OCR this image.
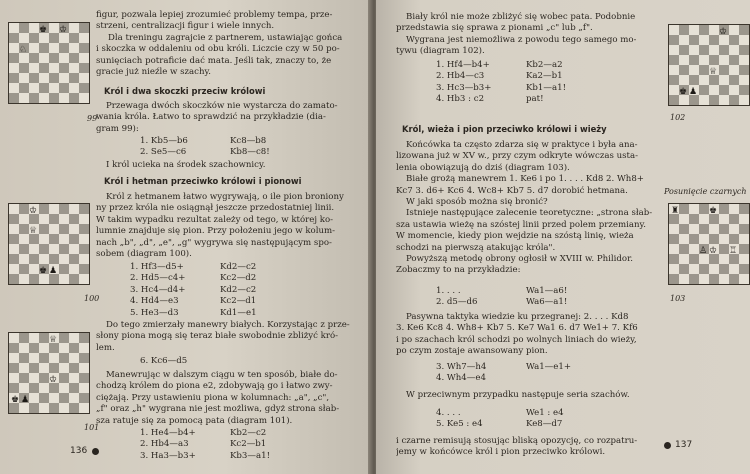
♚ ♔
♘
99

figur, pozwala lepiej zrozumieć problemy tempa, prze-

strzeni, centralizacji figur i wiele innych.

Dla treningu zagrajcie z partnerem, ustawiając gońca

i skoczka w oddaleniu od obu króli. Liczcie czy w 50 po-

sunięciach potraficie dać mata. Jeśli tak, znaczy to, że

gracie już nieźle w szachy.

Król i dwa skoczki przeciw królowi

Przewaga dwóch skoczków nie wystarcza do zamato-

wania króla. Łatwo to sprawdzić na przykładzie (dia-

gram 99):

1. Kb5—b6	Kc8—b8
2. Se5—c6	Kb8—c8!
I król ucieka na środek szachownicy.
Król i hetman przeciwko królowi i pionowi
♔
♚ ♟
♕
100

Król z hetmanem łatwo wygrywają, o ile pion broniony

ny przez króla nie osiągnął jeszcze przedostatniej linii.

W takim wypadku rezultat zależy od tego, w której ko-

lumnie znajduje się pion. Przy położeniu jego w kolum-

nach „b", „d", „e", „g" wygrywa się następującym spo-

sobem (diagram 100).

1. Hf3—d5+	Kd2—c2
2. Hd5—c4+	Kc2—d2
3. Hc4—d4+	Kd2—c2
4. Hd4—e3	Kc2—d1
5. He3—d3	Kd1—e1

Do tego zmierzały manewry białych. Korzystając z prze-

słony piona mogą się teraz białe swobodnie zbliżyć kró-

lem.

6. Kc6—d5
♕
♚ ♟
♔
101

Manewrując w dalszym ciągu w ten sposób, białe do-

chodzą królem do piona e2, zdobywają go i łatwo zwy-

ciężają. Przy ustawieniu piona w kolumnach: „a", „c",

„f" oraz „h" wygrana nie jest możliwa, gdyż strona słab-

sza ratuje się za pomocą pata (diagram 101).

1. He4—b4+	Kb2—c2
2. Hb4—a3	Kc2—b1
3. Ha3—b3+	Kb3—a1!
136

Biały król nie może zbliżyć się wobec pata. Podobnie

przedstawia się sprawa z pionami „c" lub „f".

Wygrana jest niemożliwa z powodu tego samego mo-

tywu (diagram 102).

1. Hf4—b4+	Kb2—a2
2. Hb4—c3	Ka2—b1
3. Hc3—b3+	Kb1—a1!
4. Hb3 : c2	pat!
♔
♚ ♟
♕
102
Król, wieża i pion przeciwko królowi i wieży

Końcówka ta często zdarza się w praktyce i była ana-

lizowana już w XV w., przy czym odkryte wówczas usta-

lenia obowiązują do dziś (diagram 103).

Białe grożą manewrem 1. Ke6 i po 1. . . . Kd8 2. Wh8+

Kc7 3. d6+ Kc6 4. Wc8+ Kb7 5. d7 dorobić hetmana.

W jaki sposób można się bronić?

Istnieje następujące zalecenie teoretyczne: „strona słab-

sza ustawia wieżę na szóstej linii przed polem przemiany.

W momencie, kiedy pion wejdzie na szóstą linię, wieża

schodzi na pierwszą atakując króla".

Powyższą metodę obrony ogłosił w XVIII w. Philidor.

Zobaczmy to na przykładzie:

Posunięcie czarnych
♚
♜
♙ ♔ ♖
103
1. . . .	Wa1—a6!
2. d5—d6	Wa6—a1!

Pasywna taktyka wiedzie ku przegranej: 2. . . . Kd8

3. Ke6 Kc8 4. Wh8+ Kb7 5. Ke7 Wa1 6. d7 We1+ 7. Kf6

i po szachach król schodzi po wolnych liniach do wieży,

po czym zostaje awansowany pion.

3. Wh7—h4	Wa1—e1+
4. Wh4—e4
W przeciwnym przypadku następuje seria szachów.
4. . . .	We1 : e4
5. Ke5 : e4	Ke8—d7

i czarne remisują stosując bliską opozycję, co rozpatru-

jemy w końcówce król i pion przeciwko królowi.

137
